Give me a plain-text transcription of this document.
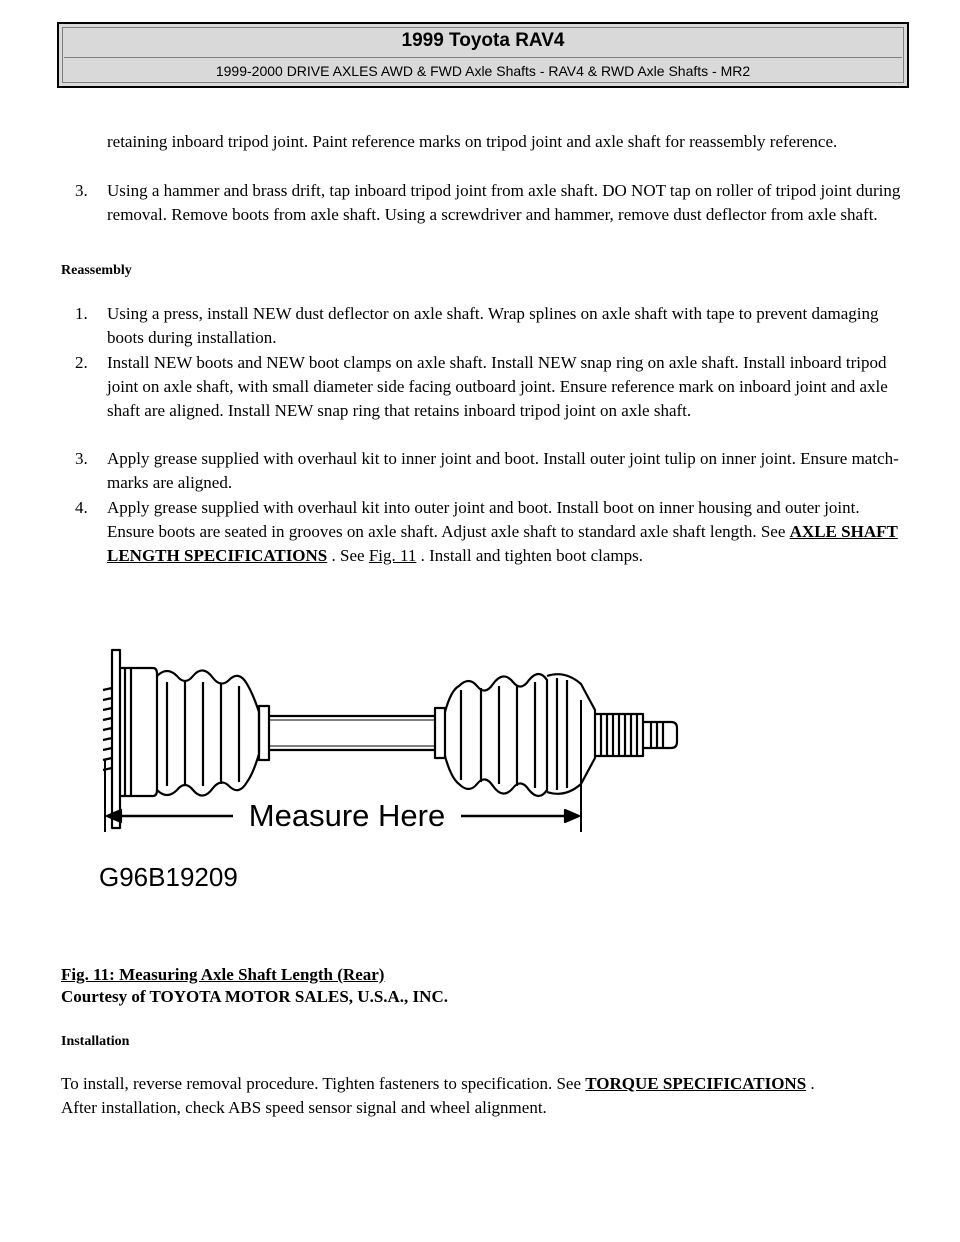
1999 Toyota RAV4
1999-2000 DRIVE AXLES AWD & FWD Axle Shafts - RAV4 & RWD Axle Shafts - MR2
retaining inboard tripod joint. Paint reference marks on tripod joint and axle shaft for reassembly reference.
3. Using a hammer and brass drift, tap inboard tripod joint from axle shaft. DO NOT tap on roller of tripod joint during removal. Remove boots from axle shaft. Using a screwdriver and hammer, remove dust deflector from axle shaft.
Reassembly
1. Using a press, install NEW dust deflector on axle shaft. Wrap splines on axle shaft with tape to prevent damaging boots during installation.
2. Install NEW boots and NEW boot clamps on axle shaft. Install NEW snap ring on axle shaft. Install inboard tripod joint on axle shaft, with small diameter side facing outboard joint. Ensure reference mark on inboard joint and axle shaft are aligned. Install NEW snap ring that retains inboard tripod joint on axle shaft.
3. Apply grease supplied with overhaul kit to inner joint and boot. Install outer joint tulip on inner joint. Ensure match-marks are aligned.
4. Apply grease supplied with overhaul kit into outer joint and boot. Install boot on inner housing and outer joint. Ensure boots are seated in grooves on axle shaft. Adjust axle shaft to standard axle shaft length. See AXLE SHAFT LENGTH SPECIFICATIONS . See Fig. 11 . Install and tighten boot clamps.
Measure Here
G96B19209
Fig. 11: Measuring Axle Shaft Length (Rear)
Courtesy of TOYOTA MOTOR SALES, U.S.A., INC.
Installation
To install, reverse removal procedure. Tighten fasteners to specification. See TORQUE SPECIFICATIONS .
After installation, check ABS speed sensor signal and wheel alignment.
